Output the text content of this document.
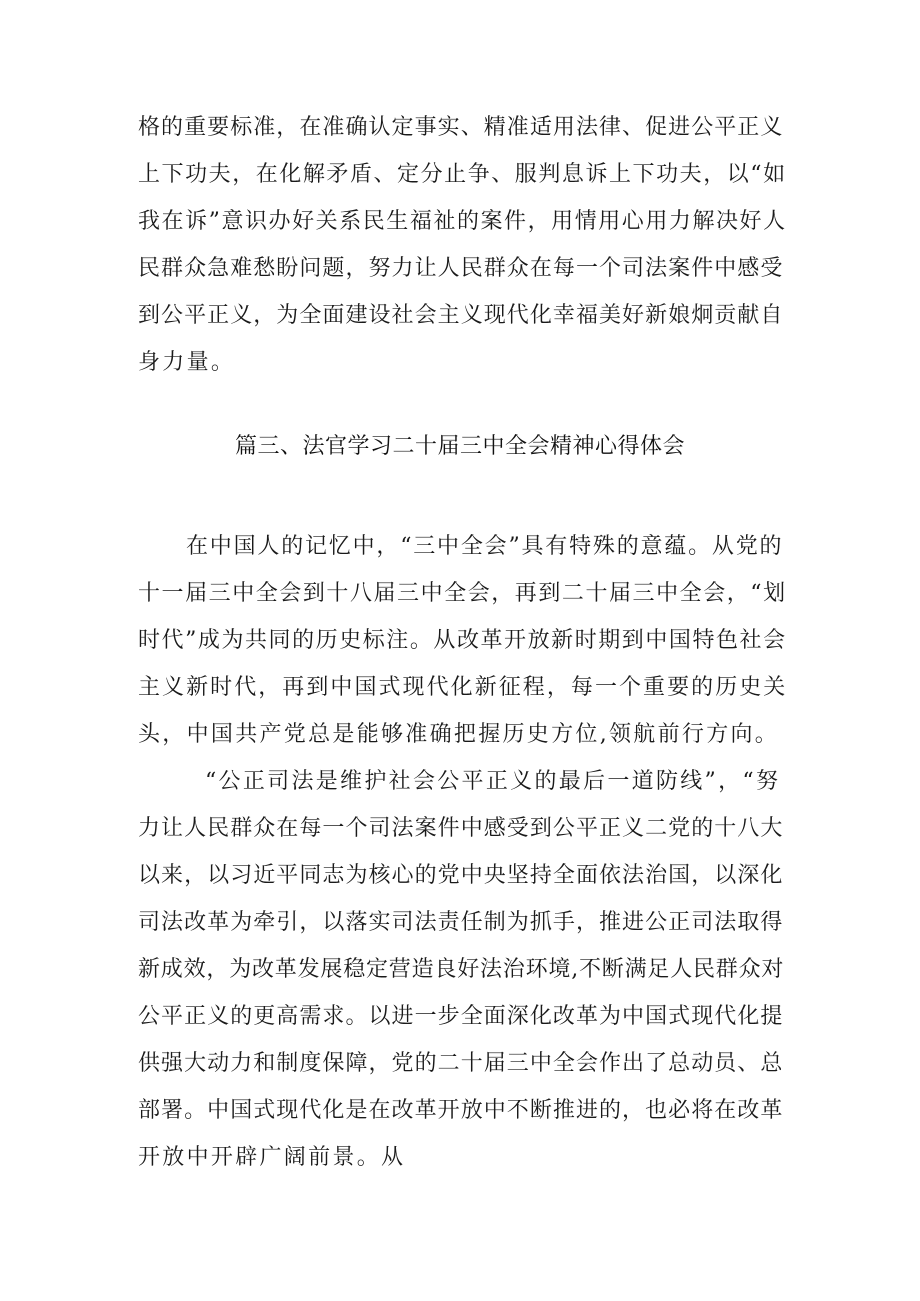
格的重要标准，在准确认定事实、精准适用法律、促进公平正义
上下功夫，在化解矛盾、定分止争、服判息诉上下功夫，以“如
我在诉”意识办好关系民生福祉的案件，用情用心用力解决好人
民群众急难愁盼问题，努力让人民群众在每一个司法案件中感受
到公平正义，为全面建设社会主义现代化幸福美好新娘炯贡献自
身力量。
篇三、法官学习二十届三中全会精神心得体会
在中国人的记忆中，“三中全会”具有特殊的意蕴。从党的
十一届三中全会到十八届三中全会，再到二十届三中全会，“划
时代”成为共同的历史标注。从改革开放新时期到中国特色社会
主义新时代，再到中国式现代化新征程，每一个重要的历史关
头，中国共产党总是能够准确把握历史方位,领航前行方向。
“公正司法是维护社会公平正义的最后一道防线”，“努
力让人民群众在每一个司法案件中感受到公平正义二党的十八大
以来，以习近平同志为核心的党中央坚持全面依法治国，以深化
司法改革为牵引，以落实司法责任制为抓手，推进公正司法取得
新成效，为改革发展稳定营造良好法治环境,不断满足人民群众对
公平正义的更高需求。以进一步全面深化改革为中国式现代化提
供强大动力和制度保障，党的二十届三中全会作出了总动员、总
部署。中国式现代化是在改革开放中不断推进的，也必将在改革
开放中开辟广阔前景。从
